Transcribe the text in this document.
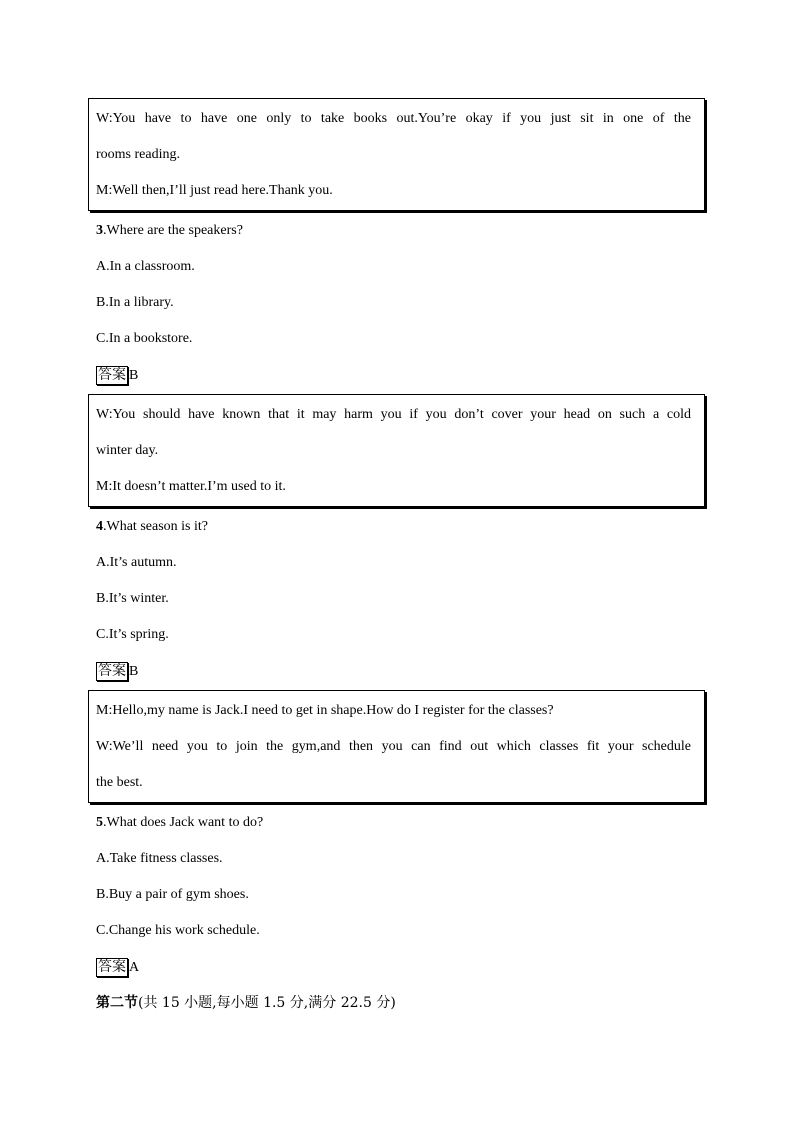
W:You have to have one only to take books out.You’re okay if you just sit in one of the
rooms reading.
M:Well then,I’ll just read here.Thank you.
3.Where are the speakers?
A.In a classroom.
B.In a library.
C.In a bookstore.
答案 B
W:You should have known that it may harm you if you don’t cover your head on such a cold
winter day.
M:It doesn’t matter.I’m used to it.
4.What season is it?
A.It’s autumn.
B.It’s winter.
C.It’s spring.
答案 B
M:Hello,my name is Jack.I need to get in shape.How do I register for the classes?
W:We’ll need you to join the gym,and then you can find out which classes fit your schedule
the best.
5.What does Jack want to do?
A.Take fitness classes.
B.Buy a pair of gym shoes.
C.Change his work schedule.
答案 A
第二节(共 15 小题,每小题 1.5 分,满分 22.5 分)
